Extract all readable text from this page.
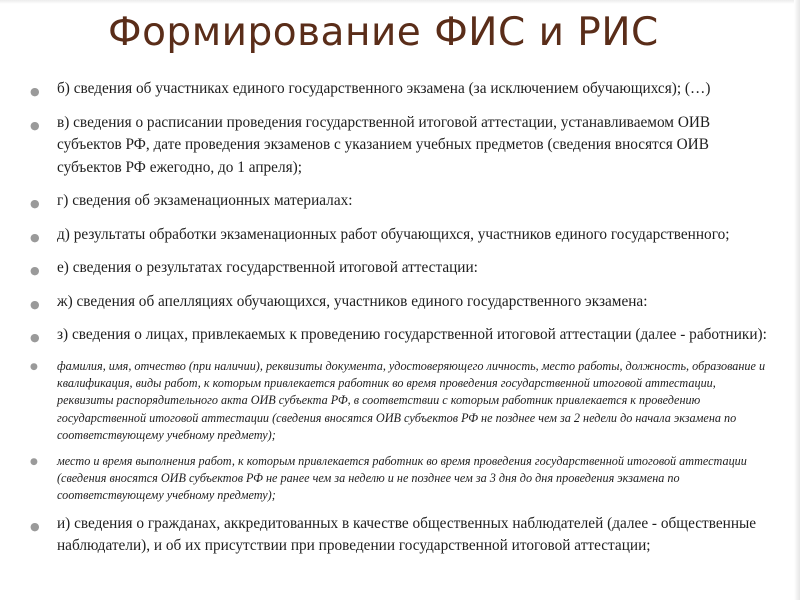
Формирование ФИС и РИС
● б) сведения об участниках единого государственного экзамена (за исключением обучающихся); (…)
● в) сведения о расписании проведения государственной итоговой аттестации, устанавливаемом ОИВ субъектов РФ, дате проведения экзаменов с указанием учебных предметов (сведения вносятся ОИВ субъектов РФ ежегодно, до 1 апреля);
● г) сведения об экзаменационных материалах:
● д) результаты обработки экзаменационных работ обучающихся, участников единого государственного;
● е) сведения о результатах государственной итоговой аттестации:
● ж) сведения об апелляциях обучающихся, участников единого государственного экзамена:
● з) сведения о лицах, привлекаемых к проведению государственной итоговой аттестации (далее - работники):
● фамилия, имя, отчество (при наличии), реквизиты документа, удостоверяющего личность, место работы, должность, образование и квалификация, виды работ, к которым привлекается работник во время проведения государственной итоговой аттестации, реквизиты распорядительного акта ОИВ субъекта РФ, в соответствии с которым работник привлекается к проведению государственной итоговой аттестации (сведения вносятся ОИВ субъектов РФ не позднее чем за 2 недели до начала экзамена по соответствующему учебному предмету);
● место и время выполнения работ, к которым привлекается работник во время проведения государственной итоговой аттестации (сведения вносятся ОИВ субъектов РФ не ранее чем за неделю и не позднее чем за 3 дня до дня проведения экзамена по соответствующему учебному предмету);
● и) сведения о гражданах, аккредитованных в качестве общественных наблюдателей (далее - общественные наблюдатели), и об их присутствии при проведении государственной итоговой аттестации;
